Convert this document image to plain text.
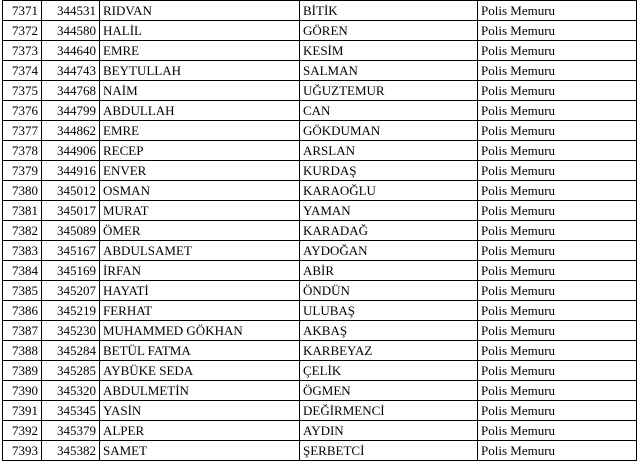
7371	344531	RIDVAN	BİTİK	Polis Memuru
7372	344580	HALİL	GÖREN	Polis Memuru
7373	344640	EMRE	KESİM	Polis Memuru
7374	344743	BEYTULLAH	SALMAN	Polis Memuru
7375	344768	NAİM	UĞUZTEMUR	Polis Memuru
7376	344799	ABDULLAH	CAN	Polis Memuru
7377	344862	EMRE	GÖKDUMAN	Polis Memuru
7378	344906	RECEP	ARSLAN	Polis Memuru
7379	344916	ENVER	KURDAŞ	Polis Memuru
7380	345012	OSMAN	KARAOĞLU	Polis Memuru
7381	345017	MURAT	YAMAN	Polis Memuru
7382	345089	ÖMER	KARADAĞ	Polis Memuru
7383	345167	ABDULSAMET	AYDOĞAN	Polis Memuru
7384	345169	İRFAN	ABİR	Polis Memuru
7385	345207	HAYATİ	ÖNDÜN	Polis Memuru
7386	345219	FERHAT	ULUBAŞ	Polis Memuru
7387	345230	MUHAMMED GÖKHAN	AKBAŞ	Polis Memuru
7388	345284	BETÜL FATMA	KARBEYAZ	Polis Memuru
7389	345285	AYBÜKE SEDA	ÇELİK	Polis Memuru
7390	345320	ABDULMETİN	ÖGMEN	Polis Memuru
7391	345345	YASİN	DEĞİRMENCİ	Polis Memuru
7392	345379	ALPER	AYDIN	Polis Memuru
7393	345382	SAMET	ŞERBETCİ	Polis Memuru
